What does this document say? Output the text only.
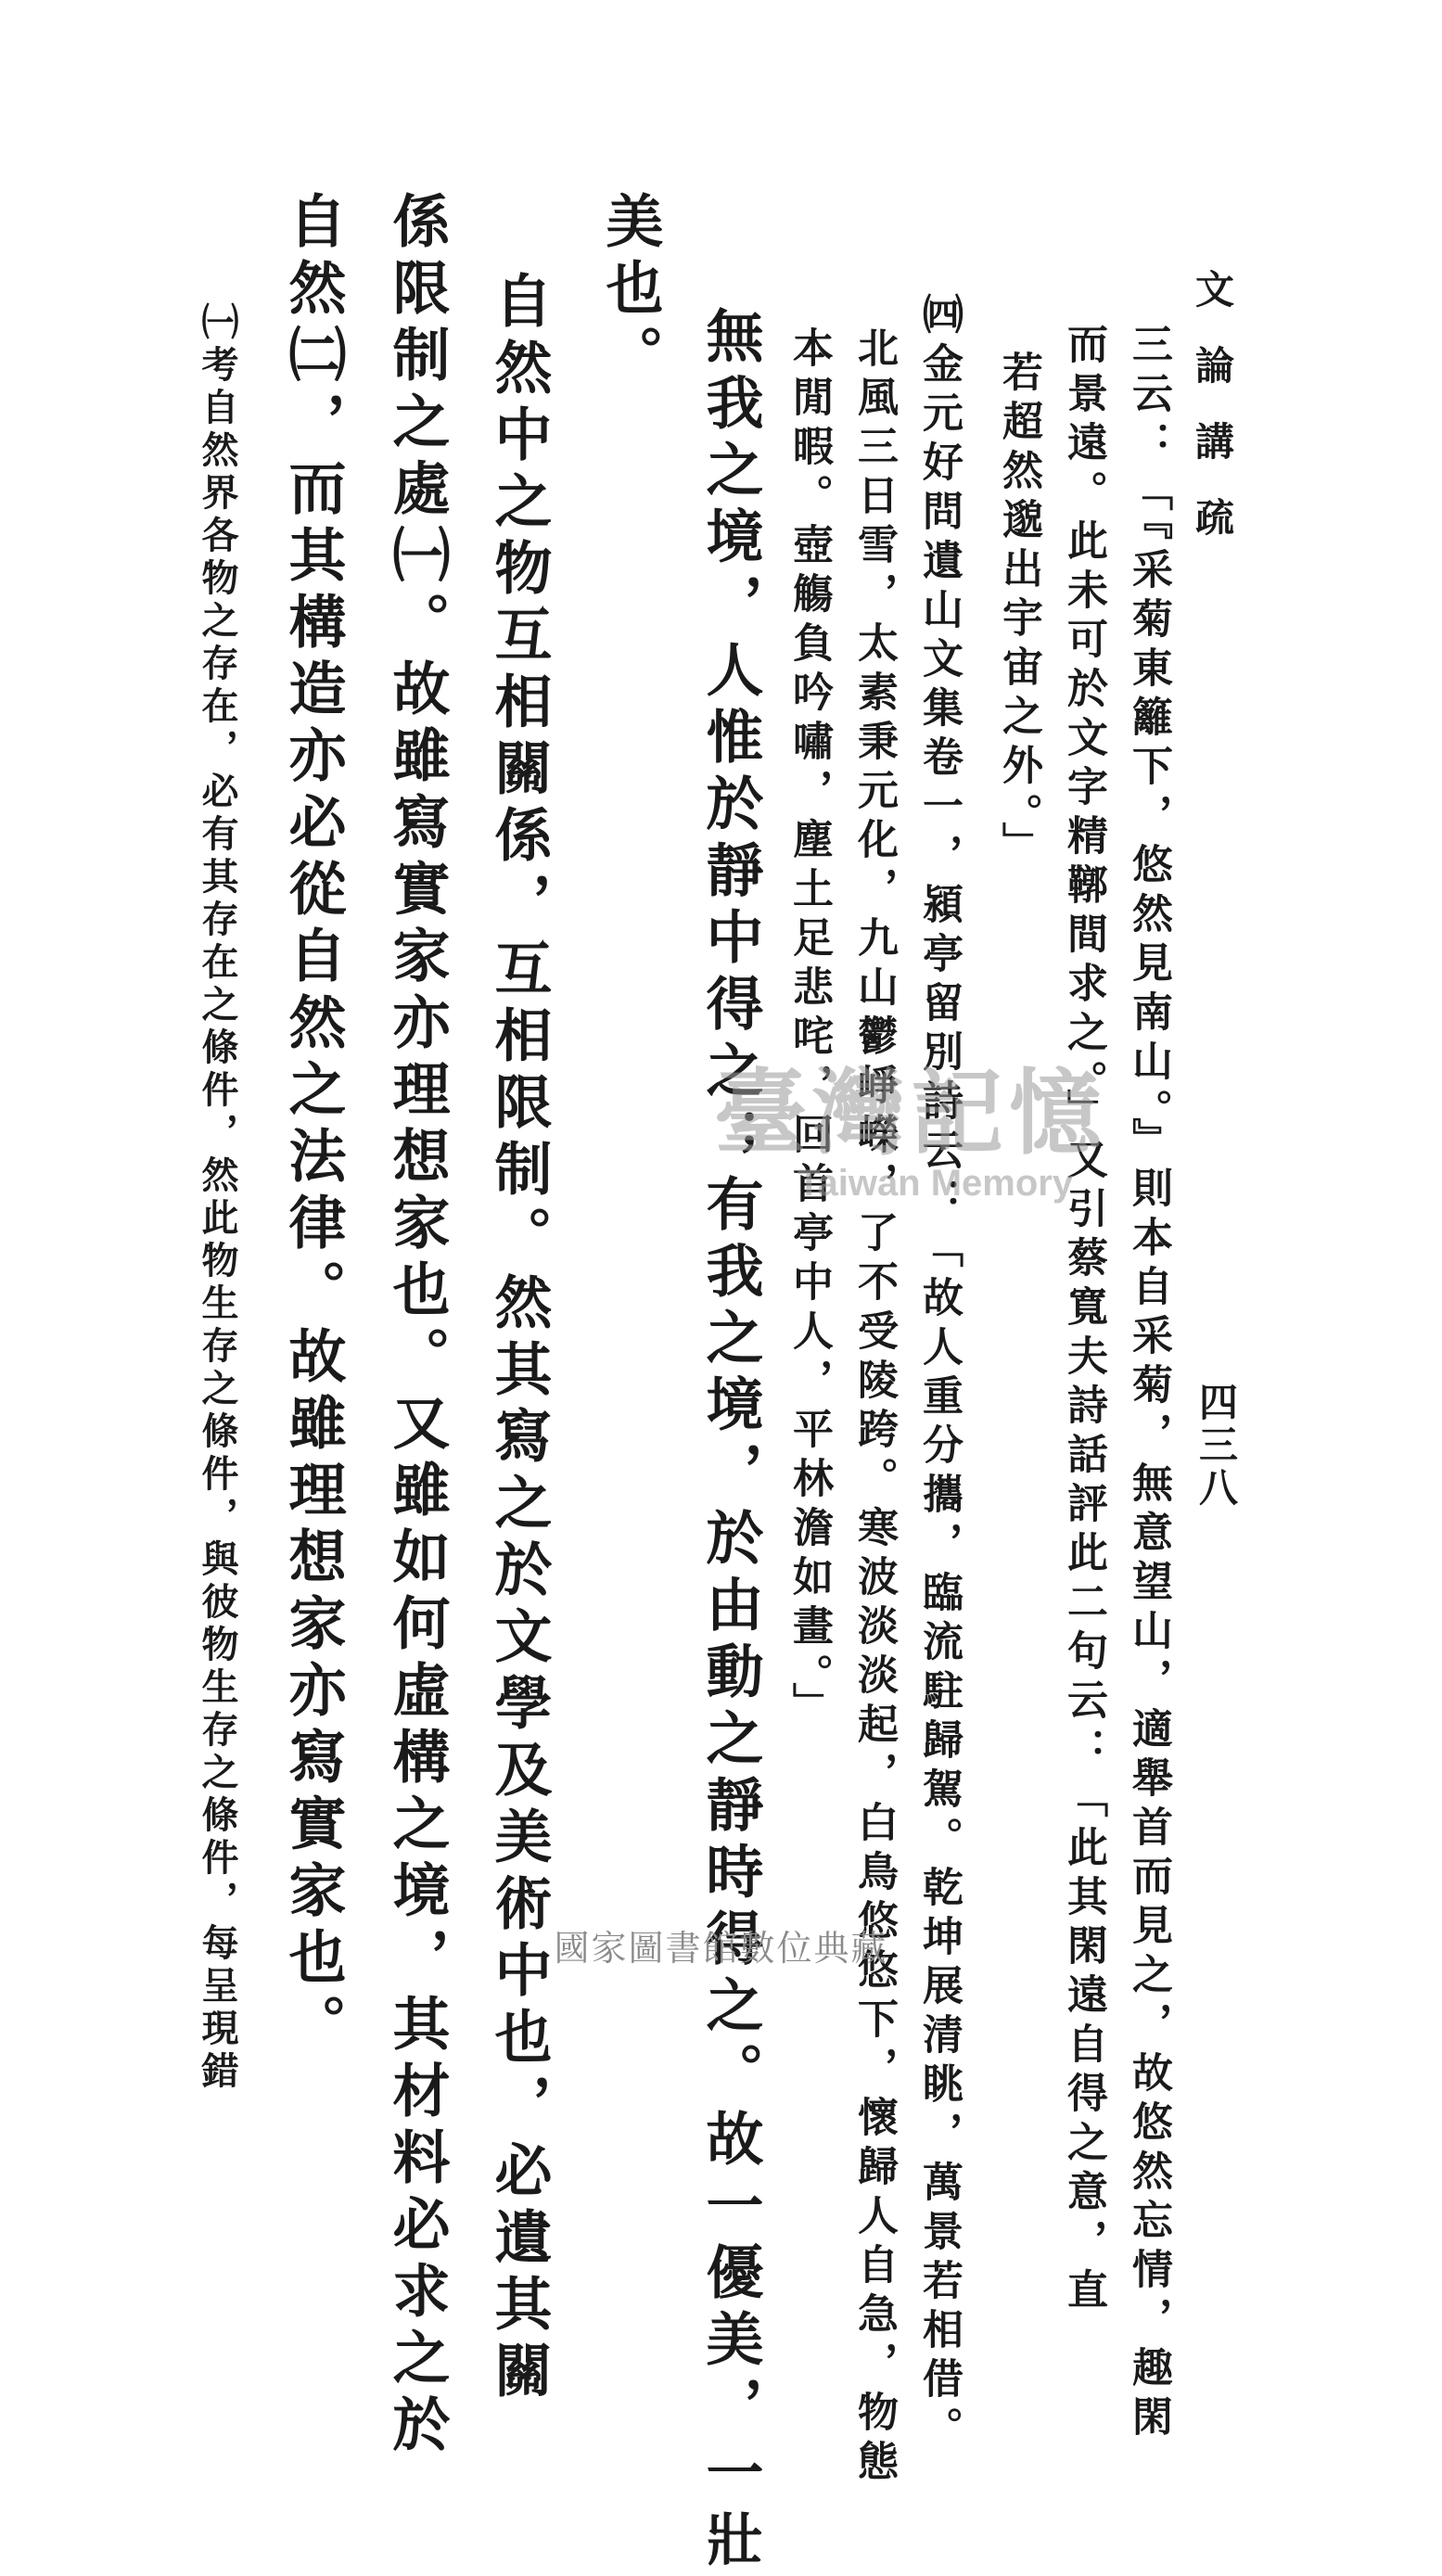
文論講疏
四三八
三云：「『采菊東籬下，悠然見南山。』則本自采菊，無意望山，適舉首而見之，故悠然忘情，趣閑
而景遠。此未可於文字精鞹間求之。」又引蔡寬夫詩話評此二句云：「此其閑遠自得之意，直
若超然邈出宇宙之外。」
㈣金元好問遺山文集卷一，潁亭留別詩云：「故人重分攜，臨流駐歸駕。乾坤展清眺，萬景若相借。
北風三日雪，太素秉元化，九山鬱崢嶸，了不受陵跨。寒波淡淡起，白鳥悠悠下，懷歸人自急，物態
本閒暇。壺觴負吟嘯，塵土足悲咤，回首亭中人，平林澹如畫。」
無我之境，人惟於靜中得之；有我之境，於由動之靜時得之。故一優美，一壯
美也。
自然中之物互相關係，互相限制。然其寫之於文學及美術中也，必遺其關
係限制之處㈠。故雖寫實家亦理想家也。又雖如何虛構之境，其材料必求之於
自然㈡，而其構造亦必從自然之法律。故雖理想家亦寫實家也。
㈠考自然界各物之存在，必有其存在之條件，然此物生存之條件，與彼物生存之條件，每呈現錯	臺灣記憶
Taiwan Memory
國家圖書館數位典藏
